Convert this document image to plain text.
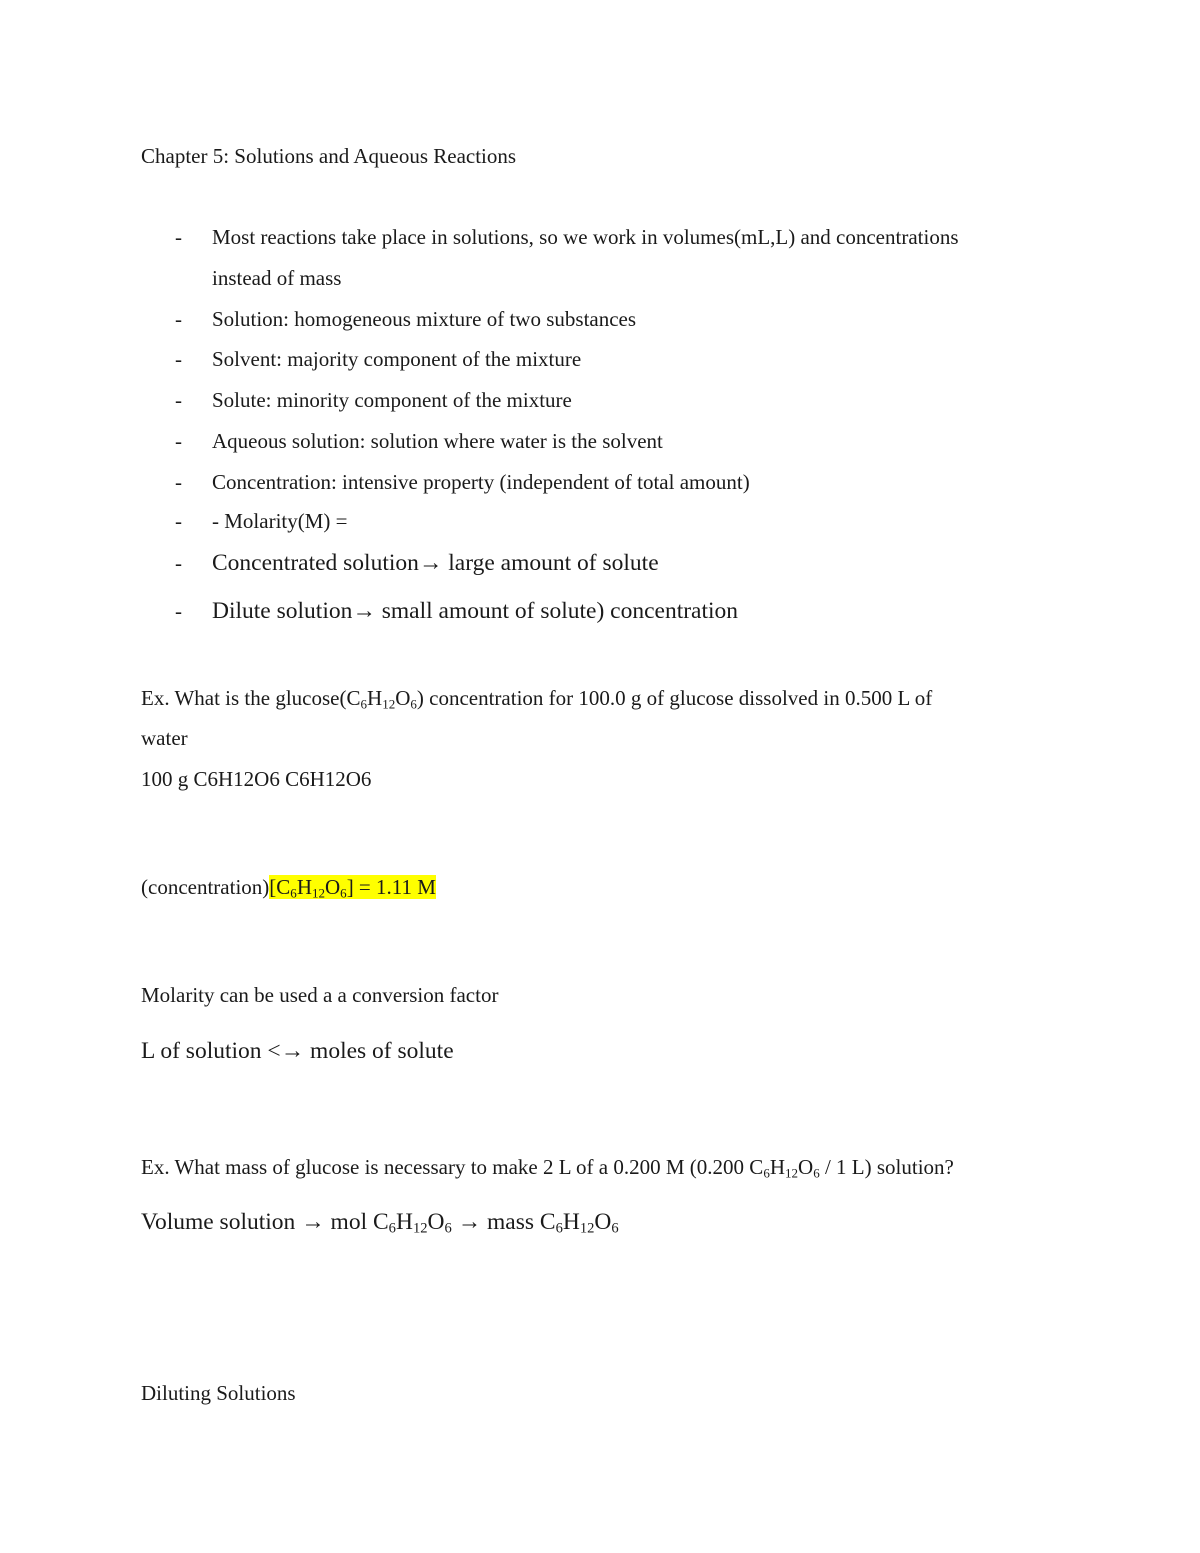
Chapter 5: Solutions and Aqueous Reactions
- Most reactions take place in solutions, so we work in volumes(mL,L) and concentrations
instead of mass
- Solution: homogeneous mixture of two substances
- Solvent: majority component of the mixture
- Solute: minority component of the mixture
- Aqueous solution: solution where water is the solvent
- Concentration: intensive property (independent of total amount)
- - Molarity(M) =
- Concentrated solution→ large amount of solute
- Dilute solution→ small amount of solute) concentration
Ex. What is the $glucose(C_6H_{12}O_6)$ concentration for 100.0 g of glucose dissolved in 0.500 L of
water
100 g C6H12O6 C6H12O6
$(concentration)[C_6H_{12}O_6] = 1.11$ M
Molarity can be used a a conversion factor
L of solution <→ moles of solute
Ex. What mass of glucose is necessary to make 2 L of a 0.200 M (0.200 $C_6H_{12}O_6 / 1$ L) solution?
Volume solution → mol $C_6H_{12}O_6$ → mass $C_6H_{12}O_6$
Diluting Solutions
